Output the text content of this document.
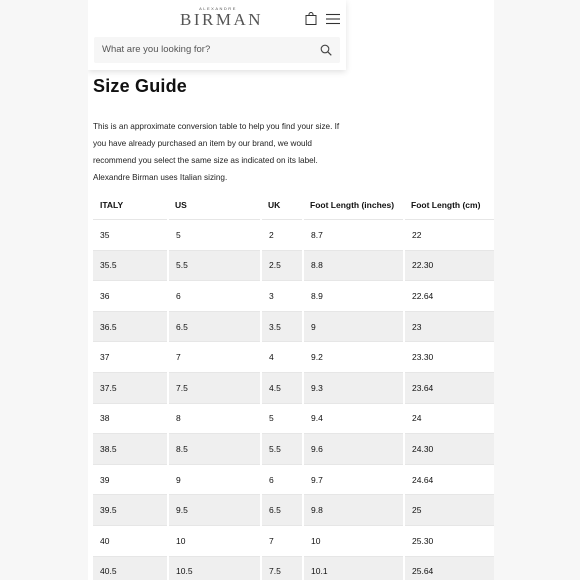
ALEXANDRE
BIRMAN
What are you looking for?
Size Guide
This is an approximate conversion table to help you find your size. If you have already purchased an item by our brand, we would recommend you select the same size as indicated on its label. Alexandre Birman uses Italian sizing.
ITALY	US	UK	Foot Length (inches)	Foot Length (cm)
35	5	2	8.7	22
35.5	5.5	2.5	8.8	22.30
36	6	3	8.9	22.64
36.5	6.5	3.5	9	23
37	7	4	9.2	23.30
37.5	7.5	4.5	9.3	23.64
38	8	5	9.4	24
38.5	8.5	5.5	9.6	24.30
39	9	6	9.7	24.64
39.5	9.5	6.5	9.8	25
40	10	7	10	25.30
40.5	10.5	7.5	10.1	25.64
